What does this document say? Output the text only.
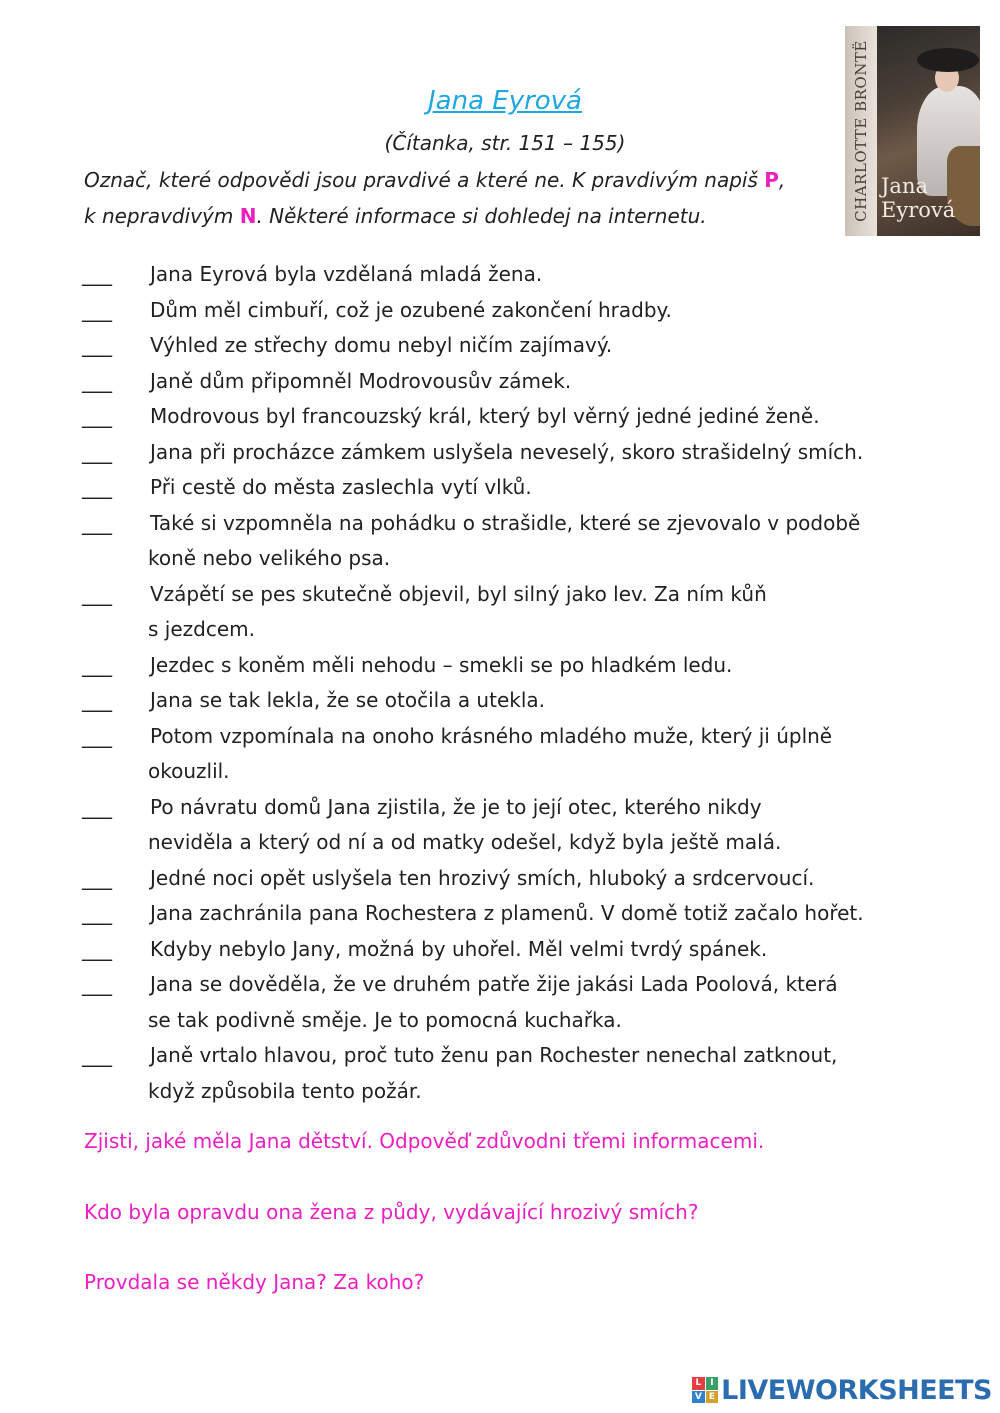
Jana Eyrová
(Čítanka, str. 151 – 155)
Označ, které odpovědi jsou pravdivé a které ne. K pravdivým napiš P,
k nepravdivým N. Některé informace si dohledej na internetu.	CHARLOTTE BRONTË Jana
Eyrová
___ Jana Eyrová byla vzdělaná mladá žena.
___ Dům měl cimbuří, což je ozubené zakončení hradby.
___ Výhled ze střechy domu nebyl ničím zajímavý.
___ Janě dům připomněl Modrovousův zámek.
___ Modrovous byl francouzský král, který byl věrný jedné jediné ženě.
___ Jana při procházce zámkem uslyšela neveselý, skoro strašidelný smích.
___ Při cestě do města zaslechla vytí vlků.
___ Také si vzpomněla na pohádku o strašidle, které se zjevovalo v podobě
koně nebo velikého psa.
___ Vzápětí se pes skutečně objevil, byl silný jako lev. Za ním kůň
s jezdcem.
___ Jezdec s koněm měli nehodu – smekli se po hladkém ledu.
___ Jana se tak lekla, že se otočila a utekla.
___ Potom vzpomínala na onoho krásného mladého muže, který ji úplně
okouzlil.
___ Po návratu domů Jana zjistila, že je to její otec, kterého nikdy
neviděla a který od ní a od matky odešel, když byla ještě malá.
___ Jedné noci opět uslyšela ten hrozivý smích, hluboký a srdcervoucí.
___ Jana zachránila pana Rochestera z plamenů. V domě totiž začalo hořet.
___ Kdyby nebylo Jany, možná by uhořel. Měl velmi tvrdý spánek.
___ Jana se dověděla, že ve druhém patře žije jakási Lada Poolová, která
se tak podivně směje. Je to pomocná kuchařka.
___ Janě vrtalo hlavou, proč tuto ženu pan Rochester nenechal zatknout,
když způsobila tento požár.
Zjisti, jaké měla Jana dětství. Odpověď zdůvodni třemi informacemi.
Kdo byla opravdu ona žena z půdy, vydávající hrozivý smích?
Provdala se někdy Jana? Za koho?
L I
V E LIVEWORKSHEETS
